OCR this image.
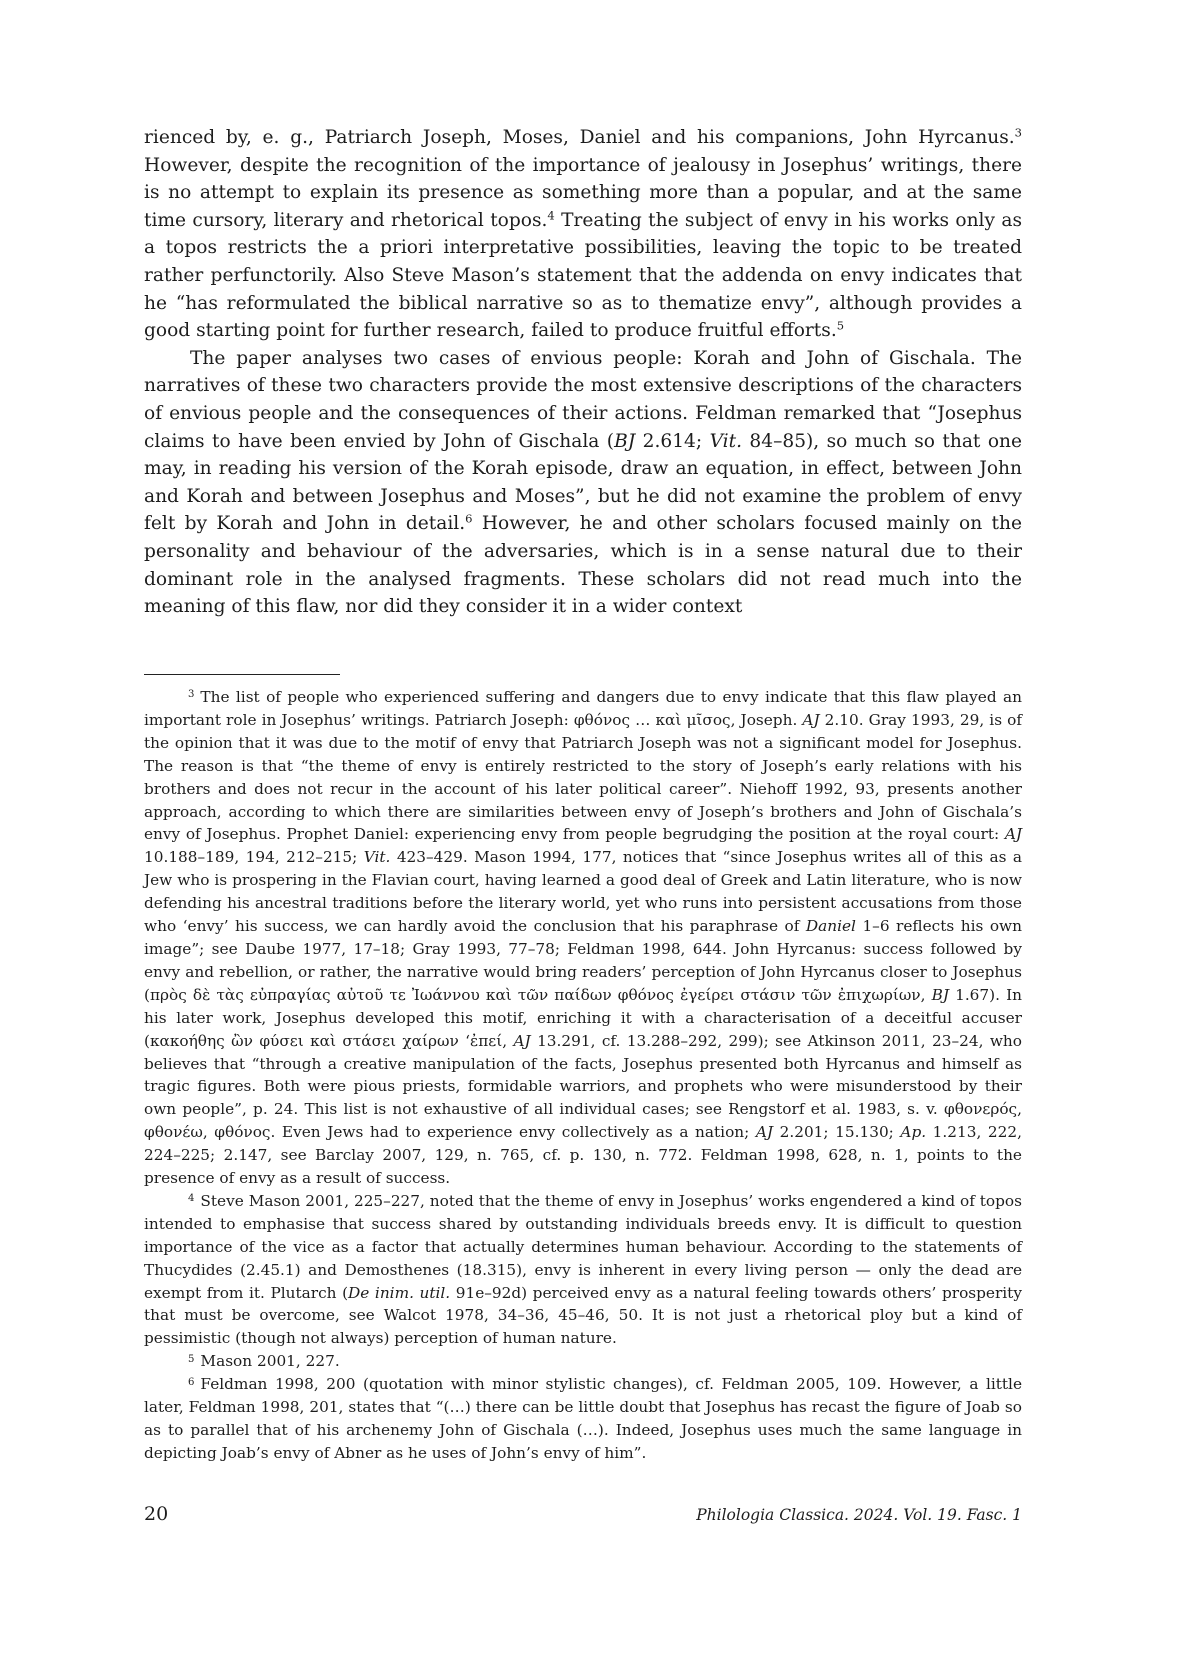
rienced by, e. g., Patriarch Joseph, Moses, Daniel and his companions, John Hyrcanus.$^3$ However, despite the recognition of the importance of jealousy in Josephus’ writings, there is no attempt to explain its presence as something more than a popular, and at the same time cursory, literary and rhetorical topos.$^4$ Treating the subject of envy in his works only as a topos restricts the a priori interpretative possibilities, leaving the topic to be treated rather perfunctorily. Also Steve Mason’s statement that the addenda on envy indicates that he “has reformulated the biblical narrative so as to thematize envy”, although provides a good starting point for further research, failed to produce fruitful efforts.$^5$

The paper analyses two cases of envious people: Korah and John of Gischala. The narratives of these two characters provide the most extensive descriptions of the characters of envious people and the consequences of their actions. Feldman remarked that “Josephus claims to have been envied by John of Gischala (BJ 2.614; Vit. 84–85), so much so that one may, in reading his version of the Korah episode, draw an equation, in effect, between John and Korah and between Josephus and Moses”, but he did not examine the problem of envy felt by Korah and John in detail.$^6$ However, he and other scholars focused mainly on the personality and behaviour of the adversaries, which is in a sense natural due to their dominant role in the analysed fragments. These scholars did not read much into the meaning of this flaw, nor did they consider it in a wider context

$^3$ The list of people who experienced suffering and dangers due to envy indicate that this flaw played an important role in Josephus’ writings. Patriarch Joseph: φθόνος … καὶ μῖσος, Joseph. AJ 2.10. Gray 1993, 29, is of the opinion that it was due to the motif of envy that Patriarch Joseph was not a significant model for Josephus. The reason is that “the theme of envy is entirely restricted to the story of Joseph’s early relations with his brothers and does not recur in the account of his later political career”. Niehoff 1992, 93, presents another approach, according to which there are similarities between envy of Joseph’s brothers and John of Gischala’s envy of Josephus. Prophet Daniel: experiencing envy from people begrudging the position at the royal court: AJ 10.188–189, 194, 212–215; Vit. 423–429. Mason 1994, 177, notices that “since Josephus writes all of this as a Jew who is prospering in the Flavian court, having learned a good deal of Greek and Latin literature, who is now defending his ancestral traditions before the literary world, yet who runs into persistent accusations from those who ‘envy’ his success, we can hardly avoid the conclusion that his paraphrase of Daniel 1–6 reflects his own image”; see Daube 1977, 17–18; Gray 1993, 77–78; Feldman 1998, 644. John Hyrcanus: success followed by envy and rebellion, or rather, the narrative would bring readers’ perception of John Hyrcanus closer to Josephus (πρὸς δὲ τὰς εὐπραγίας αὐτοῦ τε Ἰωάννου καὶ τῶν παίδων φθόνος ἐγείρει στάσιν τῶν ἐπιχωρίων, BJ 1.67). In his later work, Josephus developed this motif, enriching it with a characterisation of a deceitful accuser (κακοήθης ὢν φύσει καὶ στάσει χαίρων ‘ἐπεί, AJ 13.291, cf. 13.288–292, 299); see Atkinson 2011, 23–24, who believes that “through a creative manipulation of the facts, Josephus presented both Hyrcanus and himself as tragic figures. Both were pious priests, formidable warriors, and prophets who were misunderstood by their own people”, p. 24. This list is not exhaustive of all individual cases; see Rengstorf et al. 1983, s. v. φθονερός, φθονέω, φθόνος. Even Jews had to experience envy collectively as a nation; AJ 2.201; 15.130; Ap. 1.213, 222, 224–225; 2.147, see Barclay 2007, 129, n. 765, cf. p. 130, n. 772. Feldman 1998, 628, n. 1, points to the presence of envy as a result of success.

$^4$ Steve Mason 2001, 225–227, noted that the theme of envy in Josephus’ works engendered a kind of topos intended to emphasise that success shared by outstanding individuals breeds envy. It is difficult to question importance of the vice as a factor that actually determines human behaviour. According to the statements of Thucydides (2.45.1) and Demosthenes (18.315), envy is inherent in every living person — only the dead are exempt from it. Plutarch (De inim. util. 91e–92d) perceived envy as a natural feeling towards others’ prosperity that must be overcome, see Walcot 1978, 34–36, 45–46, 50. It is not just a rhetorical ploy but a kind of pessimistic (though not always) perception of human nature.

$^5$ Mason 2001, 227.

$^6$ Feldman 1998, 200 (quotation with minor stylistic changes), cf. Feldman 2005, 109. However, a little later, Feldman 1998, 201, states that “(…) there can be little doubt that Josephus has recast the figure of Joab so as to parallel that of his archenemy John of Gischala (…). Indeed, Josephus uses much the same language in depicting Joab’s envy of Abner as he uses of John’s envy of him”.

20	Philologia Classica. 2024. Vol. 19. Fasc. 1
